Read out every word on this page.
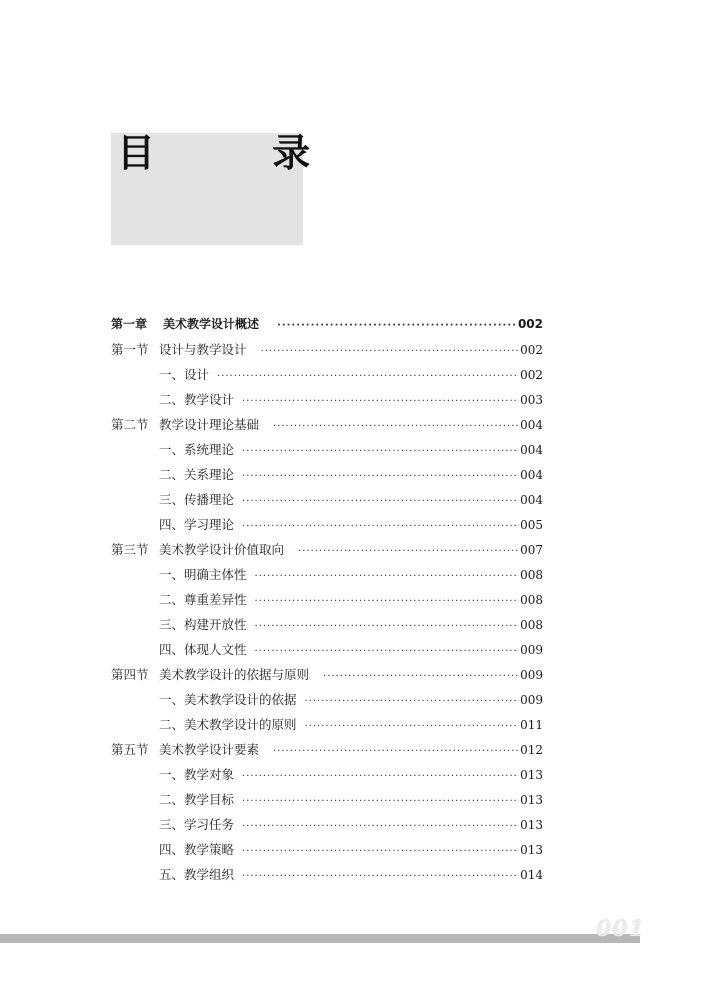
目 录
第一章	美术教学设计概述 ·····	002
第一节 设计与教学设计 ·····	002
一、设计 ·····	002
二、教学设计 ·····	003
第二节 教学设计理论基础 ·····	004
一、系统理论 ·····	004
二、关系理论 ·····	004
三、传播理论 ·····	004
四、学习理论 ·····	005
第三节 美术教学设计价值取向 ·····	007
一、明确主体性 ·····	008
二、尊重差异性 ·····	008
三、构建开放性 ·····	008
四、体现人文性 ·····	009
第四节 美术教学设计的依据与原则 ·····	009
一、美术教学设计的依据 ·····	009
二、美术教学设计的原则 ·····	011
第五节 美术教学设计要素 ·····	012
一、教学对象 ·····	013
二、教学目标 ·····	013
三、学习任务 ·····	013
四、教学策略 ·····	013
五、教学组织 ·····	014
001
